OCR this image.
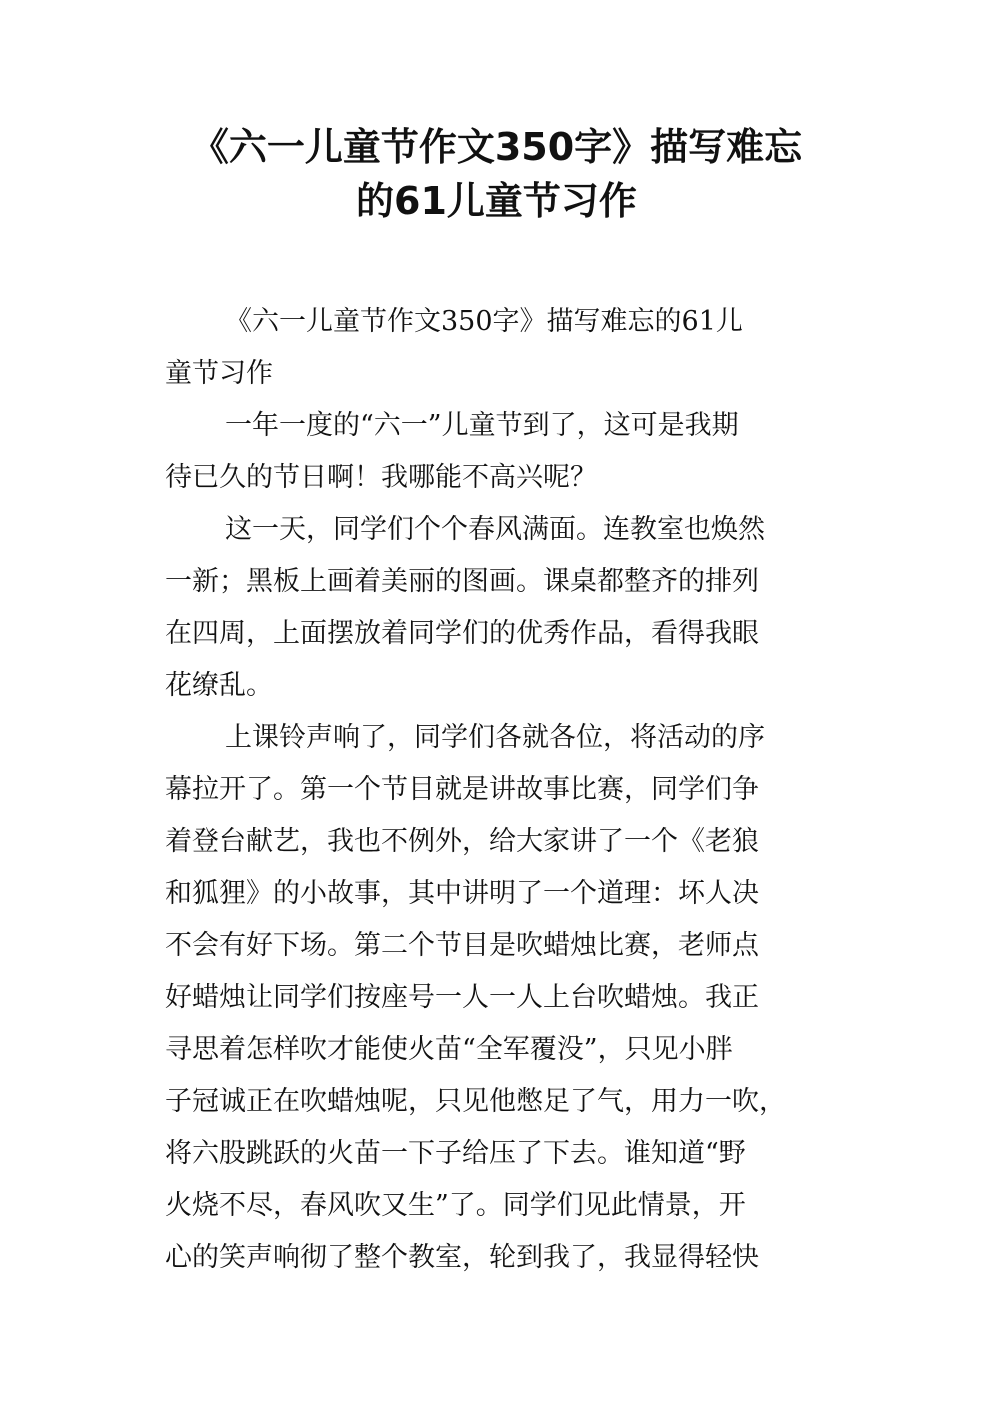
《六一儿童节作文350字》描写难忘
的61儿童节习作
《六一儿童节作文350字》描写难忘的61儿
童节习作
一年一度的“六一”儿童节到了，这可是我期
待已久的节日啊！我哪能不高兴呢？
这一天，同学们个个春风满面。连教室也焕然
一新；黑板上画着美丽的图画。课桌都整齐的排列
在四周，上面摆放着同学们的优秀作品，看得我眼
花缭乱。
上课铃声响了，同学们各就各位，将活动的序
幕拉开了。第一个节目就是讲故事比赛，同学们争
着登台献艺，我也不例外，给大家讲了一个《老狼
和狐狸》的小故事，其中讲明了一个道理：坏人决
不会有好下场。第二个节目是吹蜡烛比赛，老师点
好蜡烛让同学们按座号一人一人上台吹蜡烛。我正
寻思着怎样吹才能使火苗“全军覆没”，只见小胖
子冠诚正在吹蜡烛呢，只见他憋足了气，用力一吹，
将六股跳跃的火苗一下子给压了下去。谁知道“野
火烧不尽，春风吹又生”了。同学们见此情景，开
心的笑声响彻了整个教室，轮到我了，我显得轻快
